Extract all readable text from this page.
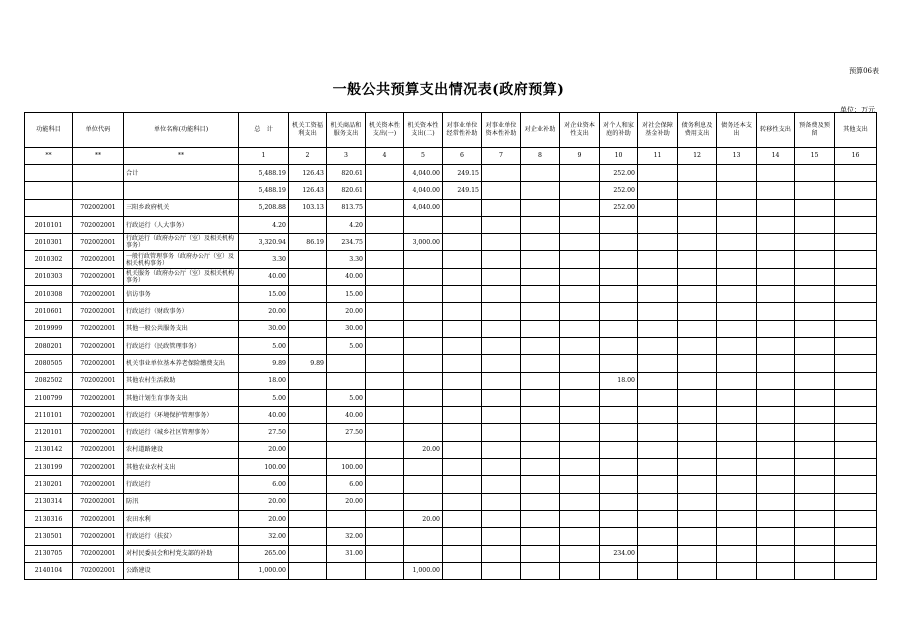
预算06表
一般公共预算支出情况表(政府预算)
单位：万元
功能科目	单位代码	单位名称(功能科目)	总　计	机关工资福利支出	机关商品和服务支出	机关资本性支出(一)	机关资本性支出(二)	对事业单位经常性补助	对事业单位资本性补助	对企业补助	对企业资本性支出	对个人和家庭的补助	对社会保障基金补助	债务利息及费用支出	债务还本支出	转移性支出	预备费及预留	其他支出
**	**	**	1	2	3	4	5	6	7	8	9	10	11	12	13	14	15	16
		合计	5,488.19	126.43	820.61		4,040.00	249.15				252.00						
			5,488.19	126.43	820.61		4,040.00	249.15				252.00						
	702002001	三阳乡政府机关	5,208.88	103.13	813.75		4,040.00					252.00						
2010101	702002001	行政运行（人大事务）	4.20		4.20													
2010301	702002001	行政运行（政府办公厅（室）及相关机构事务）	3,320.94	86.19	234.75		3,000.00											
2010302	702002001	一般行政管理事务（政府办公厅（室）及相关机构事务）	3.30		3.30													
2010303	702002001	机关服务（政府办公厅（室）及相关机构事务）	40.00		40.00													
2010308	702002001	信访事务	15.00		15.00													
2010601	702002001	行政运行（财政事务）	20.00		20.00													
2019999	702002001	其他一般公共服务支出	30.00		30.00													
2080201	702002001	行政运行（民政管理事务）	5.00		5.00													
2080505	702002001	机关事业单位基本养老保险缴费支出	9.89	9.89														
2082502	702002001	其他农村生活救助	18.00									18.00						
2100799	702002001	其他计划生育事务支出	5.00		5.00													
2110101	702002001	行政运行（环境保护管理事务）	40.00		40.00													
2120101	702002001	行政运行（城乡社区管理事务）	27.50		27.50													
2130142	702002001	农村道路建设	20.00				20.00											
2130199	702002001	其他农业农村支出	100.00		100.00													
2130201	702002001	行政运行	6.00		6.00													
2130314	702002001	防汛	20.00		20.00													
2130316	702002001	农田水利	20.00				20.00											
2130501	702002001	行政运行（扶贫）	32.00		32.00													
2130705	702002001	对村民委员会和村党支部的补助	265.00		31.00							234.00						
2140104	702002001	公路建设	1,000.00				1,000.00											
